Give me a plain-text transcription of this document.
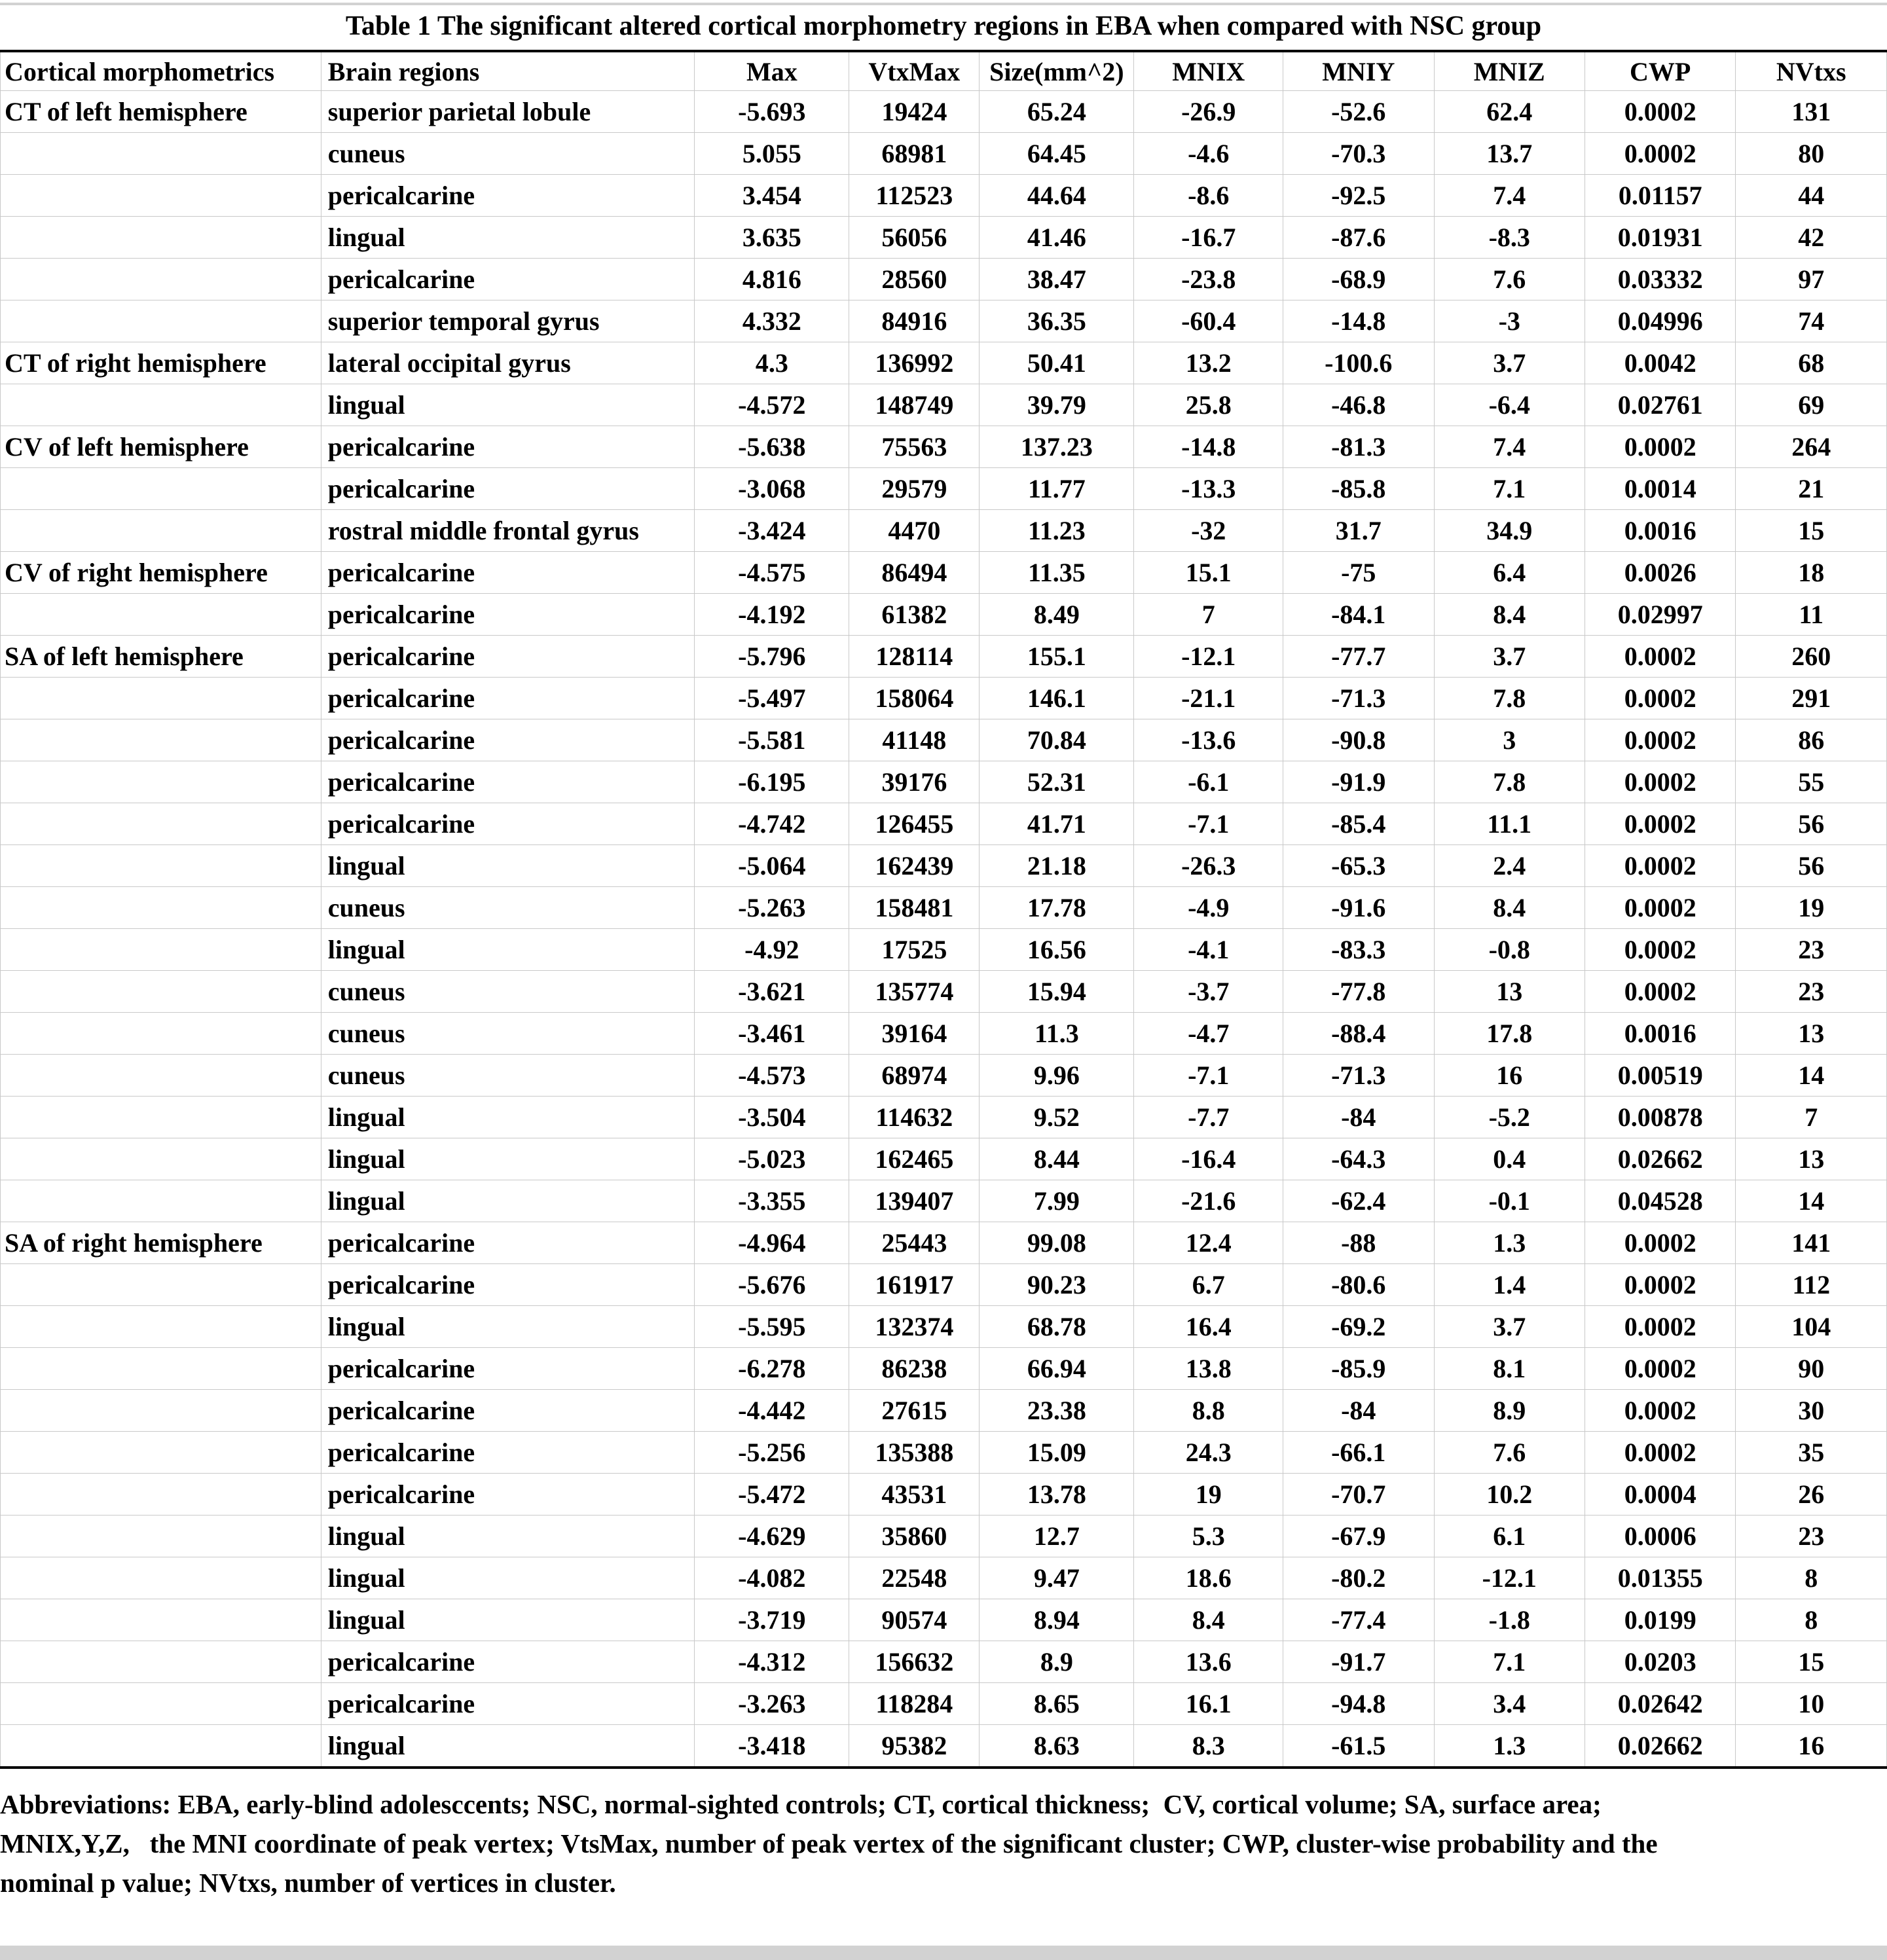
Table 1 The significant altered cortical morphometry regions in EBA when compared with NSC group
Cortical morphometrics	Brain regions	Max	VtxMax	Size(mm^2)	MNIX	MNIY	MNIZ	CWP	NVtxs
CT of left hemisphere	superior parietal lobule	-5.693	19424	65.24	-26.9	-52.6	62.4	0.0002	131
	cuneus	5.055	68981	64.45	-4.6	-70.3	13.7	0.0002	80
	pericalcarine	3.454	112523	44.64	-8.6	-92.5	7.4	0.01157	44
	lingual	3.635	56056	41.46	-16.7	-87.6	-8.3	0.01931	42
	pericalcarine	4.816	28560	38.47	-23.8	-68.9	7.6	0.03332	97
	superior temporal gyrus	4.332	84916	36.35	-60.4	-14.8	-3	0.04996	74
CT of right hemisphere	lateral occipital gyrus	4.3	136992	50.41	13.2	-100.6	3.7	0.0042	68
	lingual	-4.572	148749	39.79	25.8	-46.8	-6.4	0.02761	69
CV of left hemisphere	pericalcarine	-5.638	75563	137.23	-14.8	-81.3	7.4	0.0002	264
	pericalcarine	-3.068	29579	11.77	-13.3	-85.8	7.1	0.0014	21
	rostral middle frontal gyrus	-3.424	4470	11.23	-32	31.7	34.9	0.0016	15
CV of right hemisphere	pericalcarine	-4.575	86494	11.35	15.1	-75	6.4	0.0026	18
	pericalcarine	-4.192	61382	8.49	7	-84.1	8.4	0.02997	11
SA of left hemisphere	pericalcarine	-5.796	128114	155.1	-12.1	-77.7	3.7	0.0002	260
	pericalcarine	-5.497	158064	146.1	-21.1	-71.3	7.8	0.0002	291
	pericalcarine	-5.581	41148	70.84	-13.6	-90.8	3	0.0002	86
	pericalcarine	-6.195	39176	52.31	-6.1	-91.9	7.8	0.0002	55
	pericalcarine	-4.742	126455	41.71	-7.1	-85.4	11.1	0.0002	56
	lingual	-5.064	162439	21.18	-26.3	-65.3	2.4	0.0002	56
	cuneus	-5.263	158481	17.78	-4.9	-91.6	8.4	0.0002	19
	lingual	-4.92	17525	16.56	-4.1	-83.3	-0.8	0.0002	23
	cuneus	-3.621	135774	15.94	-3.7	-77.8	13	0.0002	23
	cuneus	-3.461	39164	11.3	-4.7	-88.4	17.8	0.0016	13
	cuneus	-4.573	68974	9.96	-7.1	-71.3	16	0.00519	14
	lingual	-3.504	114632	9.52	-7.7	-84	-5.2	0.00878	7
	lingual	-5.023	162465	8.44	-16.4	-64.3	0.4	0.02662	13
	lingual	-3.355	139407	7.99	-21.6	-62.4	-0.1	0.04528	14
SA of right hemisphere	pericalcarine	-4.964	25443	99.08	12.4	-88	1.3	0.0002	141
	pericalcarine	-5.676	161917	90.23	6.7	-80.6	1.4	0.0002	112
	lingual	-5.595	132374	68.78	16.4	-69.2	3.7	0.0002	104
	pericalcarine	-6.278	86238	66.94	13.8	-85.9	8.1	0.0002	90
	pericalcarine	-4.442	27615	23.38	8.8	-84	8.9	0.0002	30
	pericalcarine	-5.256	135388	15.09	24.3	-66.1	7.6	0.0002	35
	pericalcarine	-5.472	43531	13.78	19	-70.7	10.2	0.0004	26
	lingual	-4.629	35860	12.7	5.3	-67.9	6.1	0.0006	23
	lingual	-4.082	22548	9.47	18.6	-80.2	-12.1	0.01355	8
	lingual	-3.719	90574	8.94	8.4	-77.4	-1.8	0.0199	8
	pericalcarine	-4.312	156632	8.9	13.6	-91.7	7.1	0.0203	15
	pericalcarine	-3.263	118284	8.65	16.1	-94.8	3.4	0.02642	10
	lingual	-3.418	95382	8.63	8.3	-61.5	1.3	0.02662	16
Abbreviations: EBA, early-blind adolesccents; NSC, normal-sighted controls; CT, cortical thickness;  CV, cortical volume; SA, surface area;
MNIX,Y,Z,   the MNI coordinate of peak vertex; VtsMax, number of peak vertex of the significant cluster; CWP, cluster-wise probability and the
nominal p value; NVtxs, number of vertices in cluster.
